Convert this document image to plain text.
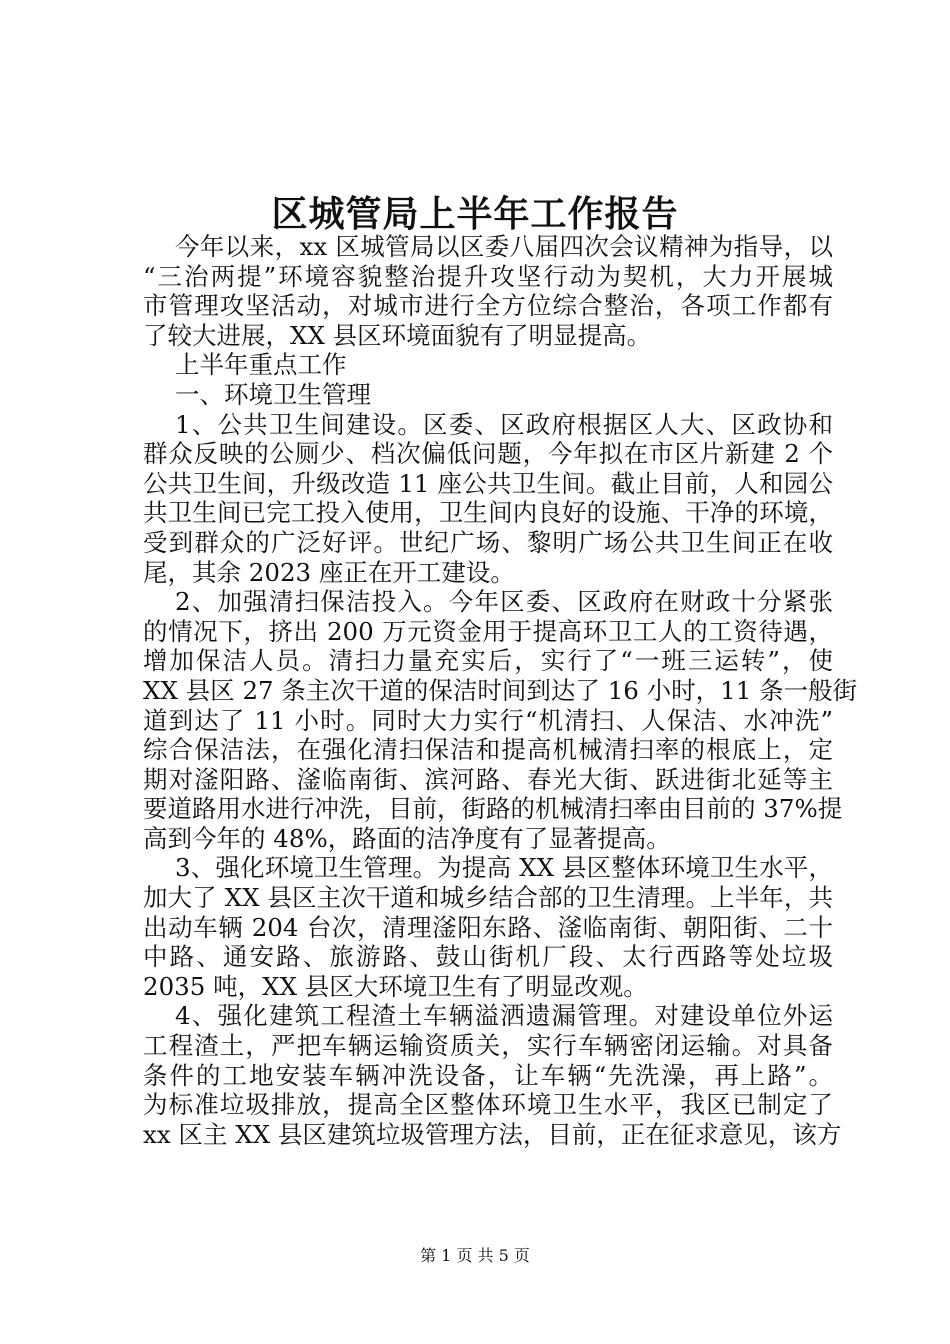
区城管局上半年工作报告
今年以来，xx 区城管局以区委八届四次会议精神为指导，以
“三治两提”环境容貌整治提升攻坚行动为契机，大力开展城
市管理攻坚活动，对城市进行全方位综合整治，各项工作都有
了较大进展，XX 县区环境面貌有了明显提高。
上半年重点工作
一、环境卫生管理
1、公共卫生间建设。区委、区政府根据区人大、区政协和
群众反映的公厕少、档次偏低问题，今年拟在市区片新建 2 个
公共卫生间，升级改造 11 座公共卫生间。截止目前，人和园公
共卫生间已完工投入使用，卫生间内良好的设施、干净的环境，
受到群众的广泛好评。世纪广场、黎明广场公共卫生间正在收
尾，其余 2023 座正在开工建设。
2、加强清扫保洁投入。今年区委、区政府在财政十分紧张
的情况下，挤出 200 万元资金用于提高环卫工人的工资待遇，
增加保洁人员。清扫力量充实后，实行了“一班三运转”，使
XX 县区 27 条主次干道的保洁时间到达了 16 小时，11 条一般街
道到达了 11 小时。同时大力实行“机清扫、人保洁、水冲洗”
综合保洁法，在强化清扫保洁和提高机械清扫率的根底上，定
期对滏阳路、滏临南街、滨河路、春光大街、跃进街北延等主
要道路用水进行冲洗，目前，街路的机械清扫率由目前的 37%提
高到今年的 48%，路面的洁净度有了显著提高。
3、强化环境卫生管理。为提高 XX 县区整体环境卫生水平，
加大了 XX 县区主次干道和城乡结合部的卫生清理。上半年，共
出动车辆 204 台次，清理滏阳东路、滏临南街、朝阳街、二十
中路、通安路、旅游路、鼓山街机厂段、太行西路等处垃圾
2035 吨，XX 县区大环境卫生有了明显改观。
4、强化建筑工程渣土车辆溢洒遗漏管理。对建设单位外运
工程渣土，严把车辆运输资质关，实行车辆密闭运输。对具备
条件的工地安装车辆冲洗设备，让车辆“先洗澡，再上路”。
为标准垃圾排放，提高全区整体环境卫生水平，我区已制定了
xx 区主 XX 县区建筑垃圾管理方法，目前，正在征求意见，该方
第 1 页 共 5 页
